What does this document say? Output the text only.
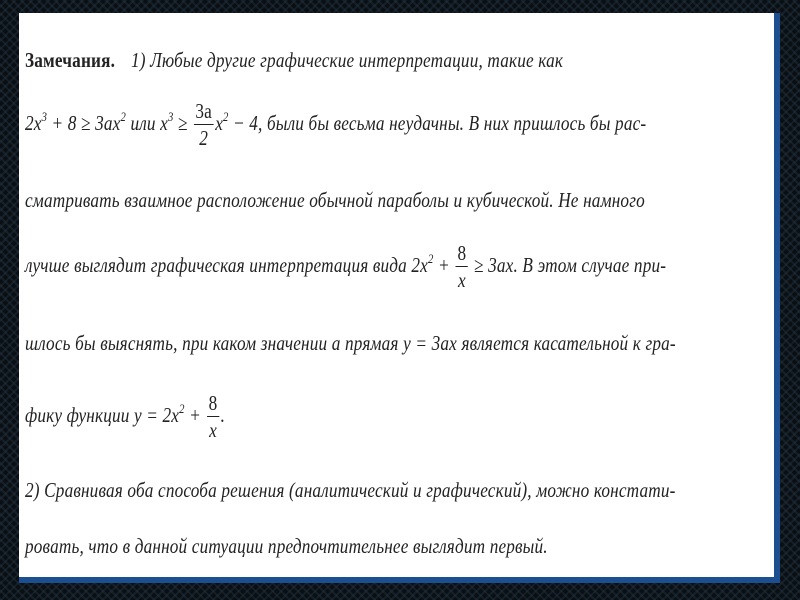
Замечания. 1) Любые другие графические интерпретации, такие как
$2x^3 + 8 \ge 3ax^2$ или $x^3 \ge \frac{3a}{2} x^2 - 4$, были бы весьма неудачны. В них пришлось бы рас-
сматривать взаимное расположение обычной параболы и кубической. Не намного
лучше выглядит графическая интерпретация вида $2x^2 + \frac{8}{x} \ge 3ax$. В этом случае при-
шлось бы выяснять, при каком значении a прямая y = 3ax является касательной к гра-
фику функции $y = 2x^2 + \frac{8}{x}$ .
2) Сравнивая оба способа решения (аналитический и графический), можно констати-
ровать, что в данной ситуации предпочтительнее выглядит первый.
